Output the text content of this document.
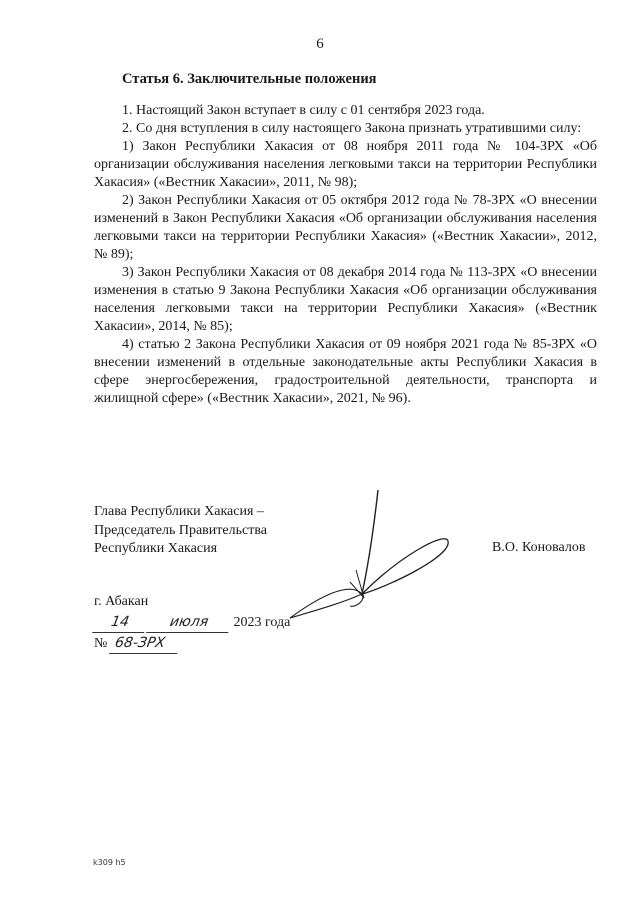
6
Статья 6. Заключительные положения

1. Настоящий Закон вступает в силу с 01 сентября 2023 года.

2. Со дня вступления в силу настоящего Закона признать утратившими силу:

1) Закон Республики Хакасия от 08 ноября 2011 года № 104-ЗРХ «Об организации обслуживания населения легковыми такси на территории Республики Хакасия» («Вестник Хакасии», 2011, № 98);

2) Закон Республики Хакасия от 05 октября 2012 года № 78-ЗРХ «О внесении изменений в Закон Республики Хакасия «Об организации обслуживания населения легковыми такси на территории Республики Хакасия» («Вестник Хакасии», 2012, № 89);

3) Закон Республики Хакасия от 08 декабря 2014 года № 113-ЗРХ «О внесении изменения в статью 9 Закона Республики Хакасия «Об организации обслуживания населения легковыми такси на территории Республики Хакасия» («Вестник Хакасии», 2014, № 85);

4) статью 2 Закона Республики Хакасия от 09 ноября 2021 года № 85-ЗРХ «О внесении изменений в отдельные законодательные акты Республики Хакасия в сфере энергосбережения, градостроительной деятельности, транспорта и жилищной сфере» («Вестник Хакасии», 2021, № 96).

Глава Республики Хакасия –
Председатель Правительства
Республики Хакасия	В.О. Коновалов
г. Абакан
14	июля 2023 года
№ 68-ЗРХ
k309 h5
